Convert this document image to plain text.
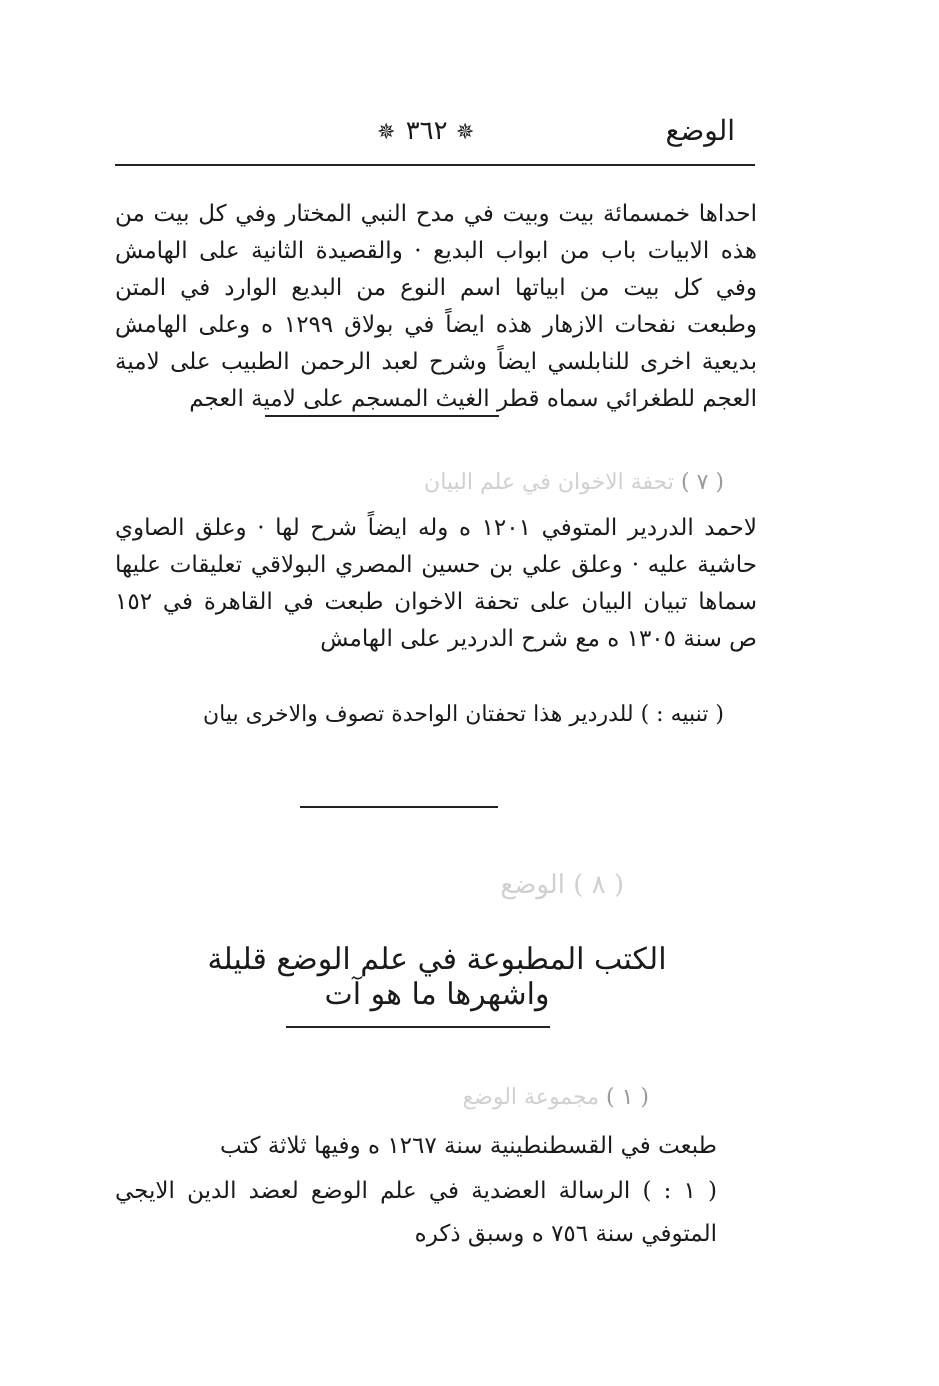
الوضع
✵ ٣٦٢ ✵
احداها خمسمائة بيت وبيت في مدح النبي المختار وفي كل بيت من هذه الابيات باب من ابواب البديع · والقصيدة الثانية على الهامش وفي كل بيت من ابياتها اسم النوع من البديع الوارد في المتن وطبعت نفحات الازهار هذه ايضاً في بولاق ١٢٩٩ ه وعلى الهامش بديعية اخرى للنابلسي ايضاً وشرح لعبد الرحمن الطبيب على لامية العجم للطغرائي سماه قطر الغيث المسجم على لامية العجم
( ٧ ) تحفة الاخوان في علم البيان
لاحمد الدردير المتوفي ١٢٠١ ه وله ايضاً شرح لها · وعلق الصاوي حاشية عليه · وعلق علي بن حسين المصري البولاقي تعليقات عليها سماها تبيان البيان على تحفة الاخوان طبعت في القاهرة في ١٥٢ ص سنة ١٣٠٥ ه مع شرح الدردير على الهامش
( تنبيه : ) للدردير هذا تحفتان الواحدة تصوف والاخرى بيان
( ٨ ) الوضع
الكتب المطبوعة في علم الوضع قليلة واشهرها ما هو آت
( ١ ) مجموعة الوضع
طبعت في القسطنطينية سنة ١٢٦٧ ه وفيها ثلاثة كتب
( ١ : ) الرسالة العضدية في علم الوضع لعضد الدين الايجي المتوفي سنة ٧٥٦ ه وسبق ذكره
